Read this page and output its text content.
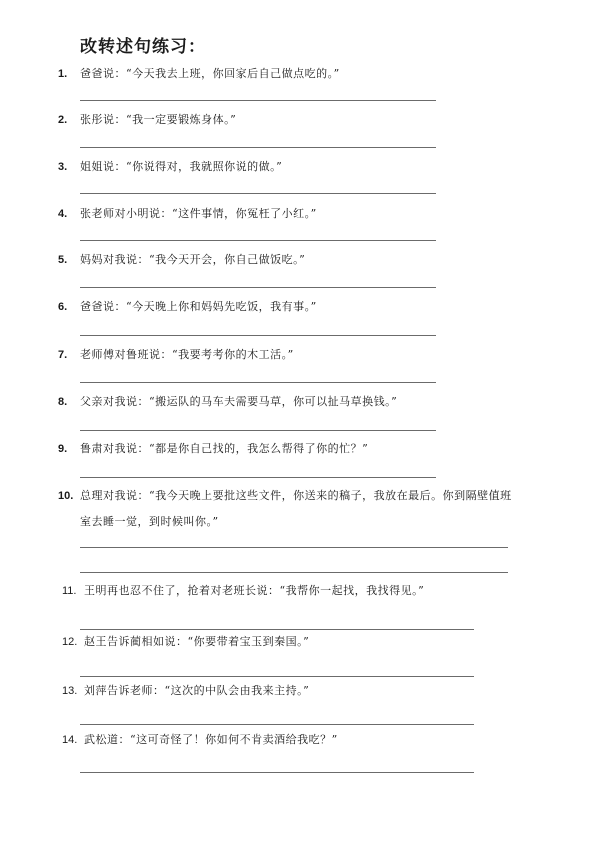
改转述句练习：
1. 爸爸说：“今天我去上班，你回家后自己做点吃的。”
2. 张彤说：“我一定要锻炼身体。”
3. 姐姐说：“你说得对，我就照你说的做。”
4. 张老师对小明说：“这件事情，你冤枉了小红。”
5. 妈妈对我说：“我今天开会，你自己做饭吃。”
6. 爸爸说：“今天晚上你和妈妈先吃饭，我有事。”
7. 老师傅对鲁班说：“我要考考你的木工活。”
8. 父亲对我说：“搬运队的马车夫需要马草，你可以扯马草换钱。”
9. 鲁肃对我说：“都是你自己找的，我怎么帮得了你的忙？”
10. 总理对我说：“我今天晚上要批这些文件，你送来的稿子，我放在最后。你到隔壁值班室去睡一觉，到时候叫你。”
11. 王明再也忍不住了，抢着对老班长说：“我帮你一起找，我找得见。”
12. 赵王告诉蔺相如说：“你要带着宝玉到秦国。”
13. 刘萍告诉老师：“这次的中队会由我来主持。”
14. 武松道：“这可奇怪了！你如何不肯卖酒给我吃？”
